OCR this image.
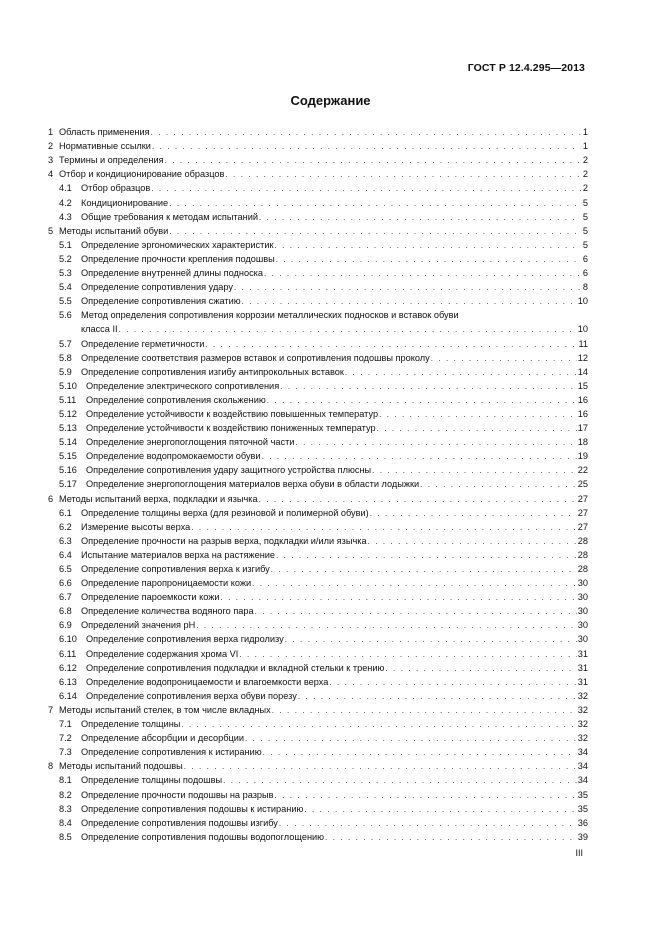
ГОСТ Р 12.4.295—2013
Содержание
1 Область применения . . .	1
2 Нормативные ссылки . . .	1
3 Термины и определения . . .	2
4 Отбор и кондиционирование образцов . . .	2
4.1	Отбор образцов . . .	2
4.2	Кондиционирование . . .	5
4.3	Общие требования к методам испытаний . . .	5
5 Методы испытаний обуви . . .	5
5.1	Определение эргономических характеристик . . .	5
5.2	Определение прочности крепления подошвы . . .	6
5.3	Определение внутренней длины подноска . . .	6
5.4	Определение сопротивления удару . . .	8
5.5	Определение сопротивления сжатию . . .	10
5.6	Метод определения сопротивления коррозии металлических подносков и вставок обуви
класса II . . .	10
5.7	Определение герметичности . . .	11
5.8	Определение соответствия размеров вставок и сопротивления подошвы проколу . . .	12
5.9	Определение сопротивления изгибу антипрокольных вставок . . .	14
5.10 Определение электрического сопротивления . . .	15
5.11	Определение сопротивления скольжению . . .	16
5.12 Определение устойчивости к воздействию повышенных температур . . .	16
5.13 Определение устойчивости к воздействию пониженных температур . . .	17
5.14 Определение энергопоглощения пяточной части . . .	18
5.15 Определение водопромокаемости обуви . . .	19
5.16 Определение сопротивления удару защитного устройства плюсны . . .	22
5.17 Определение энергопоглощения материалов верха обуви в области лодыжки . . .	25
6 Методы испытаний верха, подкладки и язычка . . .	27
6.1	Определение толщины верха (для резиновой и полимерной обуви) . . .	27
6.2	Измерение высоты верха . . .	27
6.3	Определение прочности на разрыв верха, подкладки и/или язычка . . .	28
6.4	Испытание материалов верха на растяжение . . .	28
6.5	Определение сопротивления верха к изгибу . . .	28
6.6	Определение паропроницаемости кожи . . .	30
6.7	Определение паpоемкости кожи . . .	30
6.8	Определение количества водяного пара . . .	30
6.9	Определений значения pH . . .	30
6.10 Определение сопротивления верха гидролизу . . .	30
6.11	Определение содержания хрома VI . . .	31
6.12 Определение сопротивления подкладки и вкладной стельки к трению . . .	31
6.13 Определение водопроницаемости и влагоемкости верха . . .	31
6.14 Определение сопротивления верха обуви порезу . . .	32
7 Методы испытаний стелек, в том числе вкладных . . .	32
7.1	Определение толщины . . .	32
7.2	Определение абсорбции и десорбции . . .	32
7.3	Определение сопротивления к истиранию . . .	34
8 Методы испытаний подошвы . . .	34
8.1	Определение толщины подошвы . . .	34
8.2	Определение прочности подошвы на разрыв . . .	35
8.3	Определение сопротивления подошвы к истиранию . . .	35
8.4	Определение сопротивления подошвы изгибу . . .	36
8.5	Определение сопротивления подошвы водопоглощению . . .	39
III
